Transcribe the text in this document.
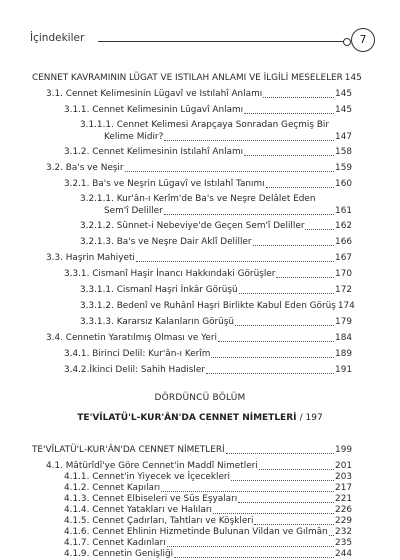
İçindekiler	7
CENNET KAVRAMININ LÜGAT VE ISTILAH ANLAMI VE İLGİLİ MESELELER 145
3.1. Cennet Kelimesinin Lügavî ve Istılahî Anlamı	145
3.1.1. Cennet Kelimesinin Lügavî Anlamı	145
3.1.1.1. Cennet Kelimesi Arapçaya Sonradan Geçmiş Bir
Kelime Midir?	147
3.1.2. Cennet Kelimesinin Istılahî Anlamı	158
3.2. Ba's ve Neşir	159
3.2.1. Ba's ve Neşrin Lügavî ve Istılahî Tanımı	160
3.2.1.1. Kur'ân-ı Kerîm'de Ba's ve Neşre Delâlet Eden
Sem'î Deliller	161
3.2.1.2. Sünnet-i Nebeviye'de Geçen Sem'î Deliller	162
3.2.1.3. Ba's ve Neşre Dair Aklî Deliller	166
3.3. Haşrin Mahiyeti	167
3.3.1. Cismanî Haşir İnancı Hakkındaki Görüşler	170
3.3.1.1. Cismanî Haşri İnkâr Görüşü	172
3.3.1.2. Bedenî ve Ruhânî Haşri Birlikte Kabul Eden Görüş 174
3.3.1.3. Kararsız Kalanların Görüşü	179
3.4. Cennetin Yaratılmış Olması ve Yeri	184
3.4.1. Birinci Delil: Kur'ân-ı Kerîm	189
3.4.2.İkinci Delil: Sahih Hadisler	191
DÖRDÜNCÜ BÖLÜM
TE'VÎLATÜ'L-KUR'ÂN'DA CENNET NİMETLERİ / 197
TE'VÎLATÜ'L-KUR'ÂN'DA CENNET NİMETLERİ	199
4.1. Mâtürîdî'ye Göre Cennet'in Maddî Nimetleri	201
4.1.1. Cennet'in Yiyecek ve İçecekleri	203
4.1.2. Cennet Kapıları	217
4.1.3. Cennet Elbiseleri ve Süs Eşyaları	221
4.1.4. Cennet Yatakları ve Halıları	226
4.1.5. Cennet Çadırları, Tahtları ve Köşkleri	229
4.1.6. Cennet Ehlinin Hizmetinde Bulunan Vildan ve Gılmân 232
4.1.7. Cennet Kadınları	235
4.1.9. Cennetin Genişliği	244
